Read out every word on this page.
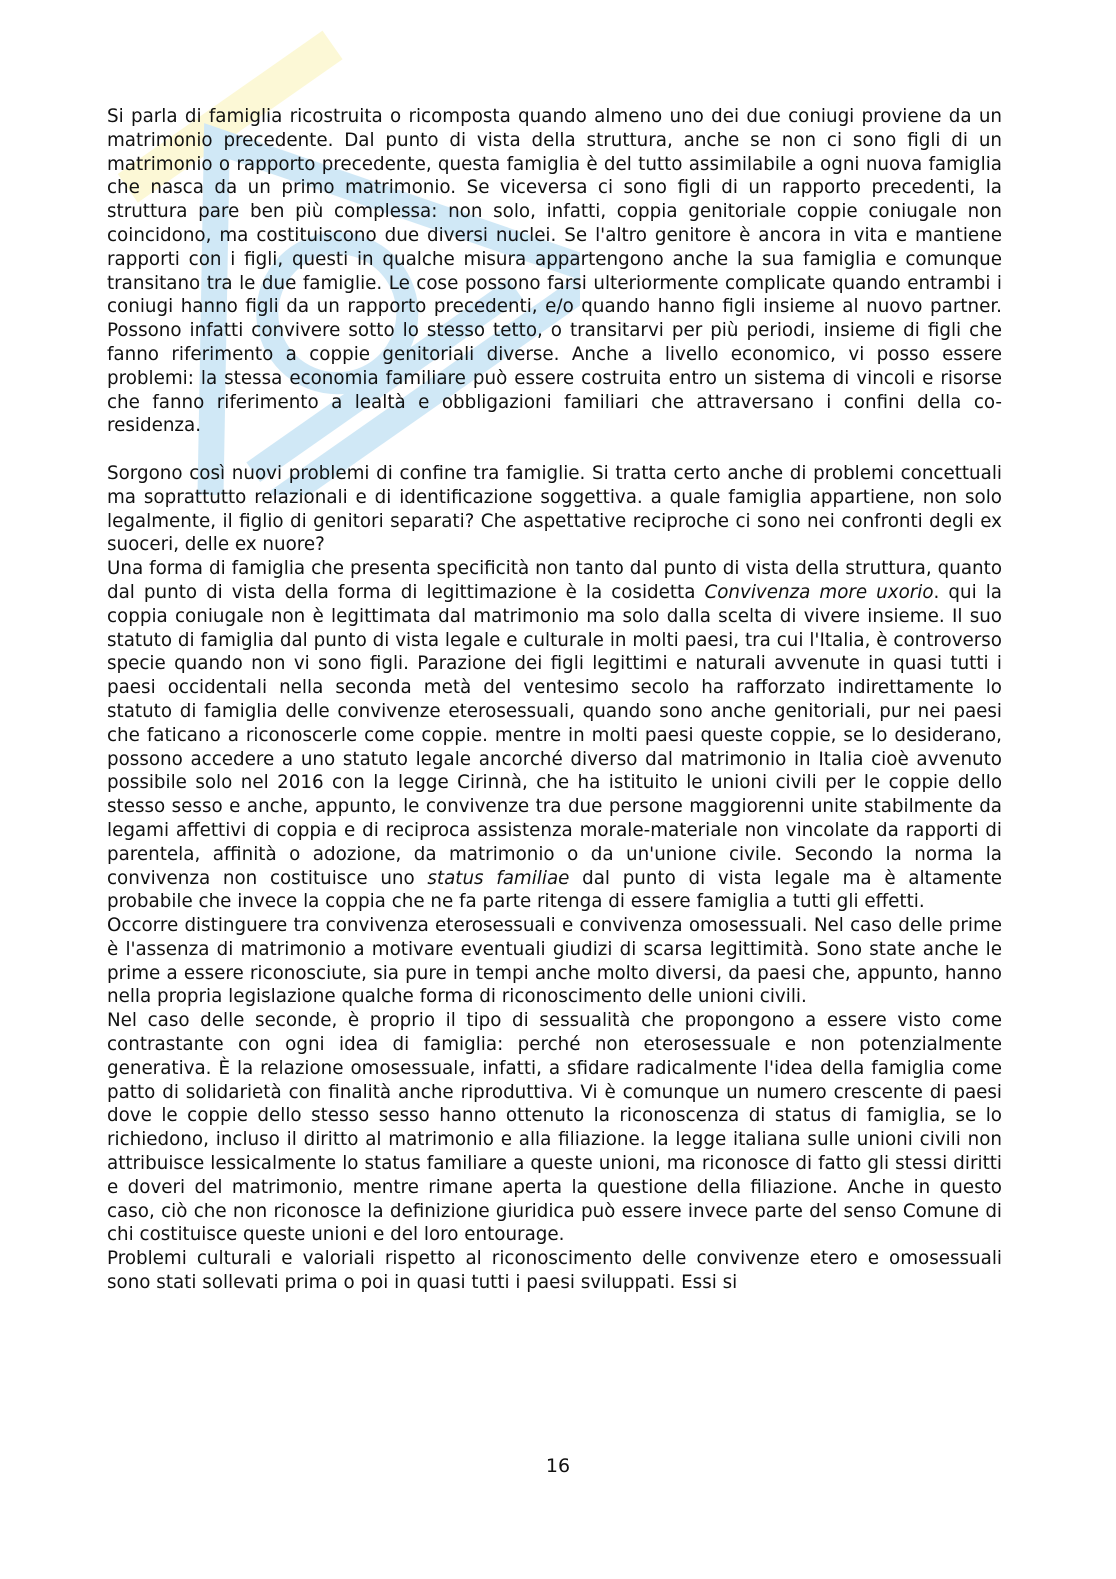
Si parla di famiglia ricostruita o ricomposta quando almeno uno dei due coniugi proviene da un matrimonio precedente. Dal punto di vista della struttura, anche se non ci sono figli di un matrimonio o rapporto precedente, questa famiglia è del tutto assimilabile a ogni nuova famiglia che nasca da un primo matrimonio. Se viceversa ci sono figli di un rapporto precedenti, la struttura pare ben più complessa: non solo, infatti, coppia genitoriale coppie coniugale non coincidono, ma costituiscono due diversi nuclei. Se l'altro genitore è ancora in vita e mantiene rapporti con i figli, questi in qualche misura appartengono anche la sua famiglia e comunque transitano tra le due famiglie. Le cose possono farsi ulteriormente complicate quando entrambi i coniugi hanno figli da un rapporto precedenti, e/o quando hanno figli insieme al nuovo partner. Possono infatti convivere sotto lo stesso tetto, o transitarvi per più periodi, insieme di figli che fanno riferimento a coppie genitoriali diverse. Anche a livello economico, vi posso essere problemi: la stessa economia familiare può essere costruita entro un sistema di vincoli e risorse che fanno riferimento a lealtà e obbligazioni familiari che attraversano i confini della co-residenza.

Sorgono così nuovi problemi di confine tra famiglie. Si tratta certo anche di problemi concettuali ma soprattutto relazionali e di identificazione soggettiva. a quale famiglia appartiene, non solo legalmente, il figlio di genitori separati? Che aspettative reciproche ci sono nei confronti degli ex suoceri, delle ex nuore?

Una forma di famiglia che presenta specificità non tanto dal punto di vista della struttura, quanto dal punto di vista della forma di legittimazione è la cosidetta Convivenza more uxorio. qui la coppia coniugale non è legittimata dal matrimonio ma solo dalla scelta di vivere insieme. Il suo statuto di famiglia dal punto di vista legale e culturale in molti paesi, tra cui l'Italia, è controverso specie quando non vi sono figli. Parazione dei figli legittimi e naturali avvenute in quasi tutti i paesi occidentali nella seconda metà del ventesimo secolo ha rafforzato indirettamente lo statuto di famiglia delle convivenze eterosessuali, quando sono anche genitoriali, pur nei paesi che faticano a riconoscerle come coppie. mentre in molti paesi queste coppie, se lo desiderano, possono accedere a uno statuto legale ancorché diverso dal matrimonio in Italia cioè avvenuto possibile solo nel 2016 con la legge Cirinnà, che ha istituito le unioni civili per le coppie dello stesso sesso e anche, appunto, le convivenze tra due persone maggiorenni unite stabilmente da legami affettivi di coppia e di reciproca assistenza morale-materiale non vincolate da rapporti di parentela, affinità o adozione, da matrimonio o da un'unione civile. Secondo la norma la convivenza non costituisce uno status familiae dal punto di vista legale ma è altamente probabile che invece la coppia che ne fa parte ritenga di essere famiglia a tutti gli effetti.

Occorre distinguere tra convivenza eterosessuali e convivenza omosessuali. Nel caso delle prime è l'assenza di matrimonio a motivare eventuali giudizi di scarsa legittimità. Sono state anche le prime a essere riconosciute, sia pure in tempi anche molto diversi, da paesi che, appunto, hanno nella propria legislazione qualche forma di riconoscimento delle unioni civili.

Nel caso delle seconde, è proprio il tipo di sessualità che propongono a essere visto come contrastante con ogni idea di famiglia: perché non eterosessuale e non potenzialmente generativa. È la relazione omosessuale, infatti, a sfidare radicalmente l'idea della famiglia come patto di solidarietà con finalità anche riproduttiva. Vi è comunque un numero crescente di paesi dove le coppie dello stesso sesso hanno ottenuto la riconoscenza di status di famiglia, se lo richiedono, incluso il diritto al matrimonio e alla filiazione. la legge italiana sulle unioni civili non attribuisce lessicalmente lo status familiare a queste unioni, ma riconosce di fatto gli stessi diritti e doveri del matrimonio, mentre rimane aperta la questione della filiazione. Anche in questo caso, ciò che non riconosce la definizione giuridica può essere invece parte del senso Comune di chi costituisce queste unioni e del loro entourage.

Problemi culturali e valoriali rispetto al riconoscimento delle convivenze etero e omosessuali sono stati sollevati prima o poi in quasi tutti i paesi sviluppati. Essi si

16
